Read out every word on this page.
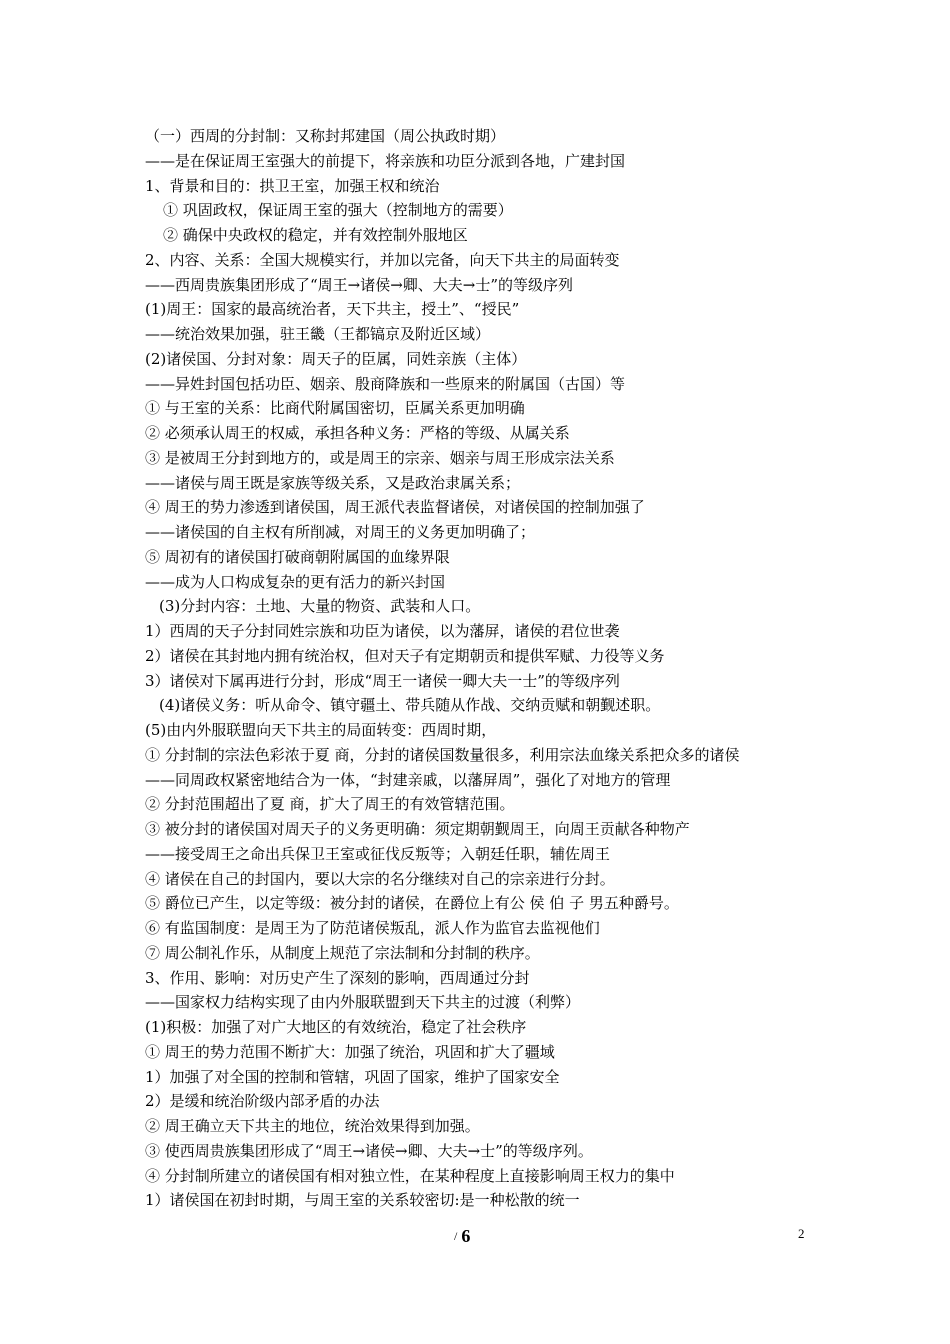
（一）西周的分封制：又称封邦建国（周公执政时期）
——是在保证周王室强大的前提下，将亲族和功臣分派到各地，广建封国
1、背景和目的：拱卫王室，加强王权和统治
① 巩固政权，保证周王室的强大（控制地方的需要）
② 确保中央政权的稳定，并有效控制外服地区
2、内容、关系：全国大规模实行，并加以完备，向天下共主的局面转变
——西周贵族集团形成了“周王→诸侯→卿、大夫→士”的等级序列
(1)周王：国家的最高统治者，天下共主，授土”、“授民”
——统治效果加强，驻王畿（王都镐京及附近区域）
(2)诸侯国、分封对象：周天子的臣属，同姓亲族（主体）
——异姓封国包括功臣、姻亲、殷商降族和一些原来的附属国（古国）等
① 与王室的关系：比商代附属国密切，臣属关系更加明确
② 必须承认周王的权威，承担各种义务：严格的等级、从属关系
③ 是被周王分封到地方的，或是周王的宗亲、姻亲与周王形成宗法关系
——诸侯与周王既是家族等级关系，又是政治隶属关系；
④ 周王的势力渗透到诸侯国，周王派代表监督诸侯，对诸侯国的控制加强了
——诸侯国的自主权有所削减，对周王的义务更加明确了；
⑤ 周初有的诸侯国打破商朝附属国的血缘界限
——成为人口构成复杂的更有活力的新兴封国
(3)分封内容：土地、大量的物资、武装和人口。
1）西周的天子分封同姓宗族和功臣为诸侯，以为藩屏，诸侯的君位世袭
2）诸侯在其封地内拥有统治权，但对天子有定期朝贡和提供军赋、力役等义务
3）诸侯对下属再进行分封，形成“周王一诸侯一卿大夫一士”的等级序列
(4)诸侯义务：听从命令、镇守疆土、带兵随从作战、交纳贡赋和朝觐述职。
(5)由内外服联盟向天下共主的局面转变：西周时期，
① 分封制的宗法色彩浓于夏 商，分封的诸侯国数量很多，利用宗法血缘关系把众多的诸侯
——同周政权紧密地结合为一体，“封建亲戚，以藩屏周”，强化了对地方的管理
② 分封范围超出了夏 商，扩大了周王的有效管辖范围。
③ 被分封的诸侯国对周天子的义务更明确：须定期朝觐周王，向周王贡献各种物产
——接受周王之命出兵保卫王室或征伐反叛等；入朝廷任职，辅佐周王
④ 诸侯在自己的封国内，要以大宗的名分继续对自己的宗亲进行分封。
⑤ 爵位已产生，以定等级：被分封的诸侯，在爵位上有公 侯 伯 子 男五种爵号。
⑥ 有监国制度：是周王为了防范诸侯叛乱，派人作为监官去监视他们
⑦ 周公制礼作乐，从制度上规范了宗法制和分封制的秩序。
3、作用、影响：对历史产生了深刻的影响，西周通过分封
——国家权力结构实现了由内外服联盟到天下共主的过渡（利弊）
(1)积极：加强了对广大地区的有效统治，稳定了社会秩序
① 周王的势力范围不断扩大：加强了统治，巩固和扩大了疆域
1）加强了对全国的控制和管辖，巩固了国家，维护了国家安全
2）是缓和统治阶级内部矛盾的办法
② 周王确立天下共主的地位，统治效果得到加强。
③ 使西周贵族集团形成了“周王→诸侯→卿、大夫→士”的等级序列。
④ 分封制所建立的诸侯国有相对独立性，在某种程度上直接影响周王权力的集中
1）诸侯国在初封时期，与周王室的关系较密切:是一种松散的统一
/ 6	2
